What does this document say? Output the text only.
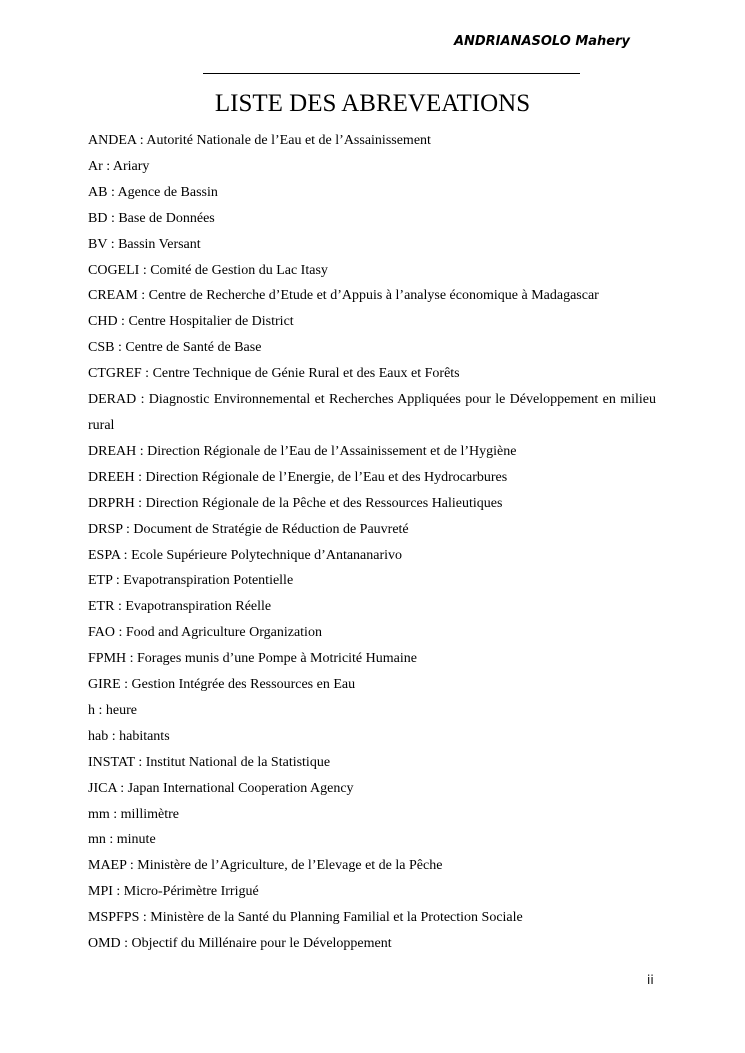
ANDRIANASOLO Mahery
LISTE DES ABREVEATIONS
ANDEA : Autorité Nationale de l’Eau et de l’Assainissement
Ar : Ariary
AB : Agence de Bassin
BD : Base de Données
BV : Bassin Versant
COGELI : Comité de Gestion du Lac Itasy
CREAM : Centre de Recherche d’Etude et d’Appuis à l’analyse économique à Madagascar
CHD : Centre Hospitalier de District
CSB : Centre de Santé de Base
CTGREF : Centre Technique de Génie Rural et des Eaux et Forêts
DERAD : Diagnostic Environnemental et Recherches Appliquées pour le Développement en milieu rural
DREAH : Direction Régionale de l’Eau de l’Assainissement et de l’Hygiène
DREEH : Direction Régionale de l’Energie, de l’Eau et des Hydrocarbures
DRPRH : Direction Régionale de la Pêche et des Ressources Halieutiques
DRSP : Document de Stratégie de Réduction de Pauvreté
ESPA : Ecole Supérieure Polytechnique d’Antananarivo
ETP : Evapotranspiration Potentielle
ETR : Evapotranspiration Réelle
FAO : Food and Agriculture Organization
FPMH : Forages munis d’une Pompe à Motricité Humaine
GIRE : Gestion Intégrée des Ressources en Eau
h : heure
hab : habitants
INSTAT : Institut National de la Statistique
JICA : Japan International Cooperation Agency
mm : millimètre
mn : minute
MAEP : Ministère de l’Agriculture, de l’Elevage et de la Pêche
MPI : Micro-Périmètre Irrigué
MSPFPS : Ministère de la Santé du Planning Familial et la Protection Sociale
OMD : Objectif du Millénaire pour le Développement
ii
